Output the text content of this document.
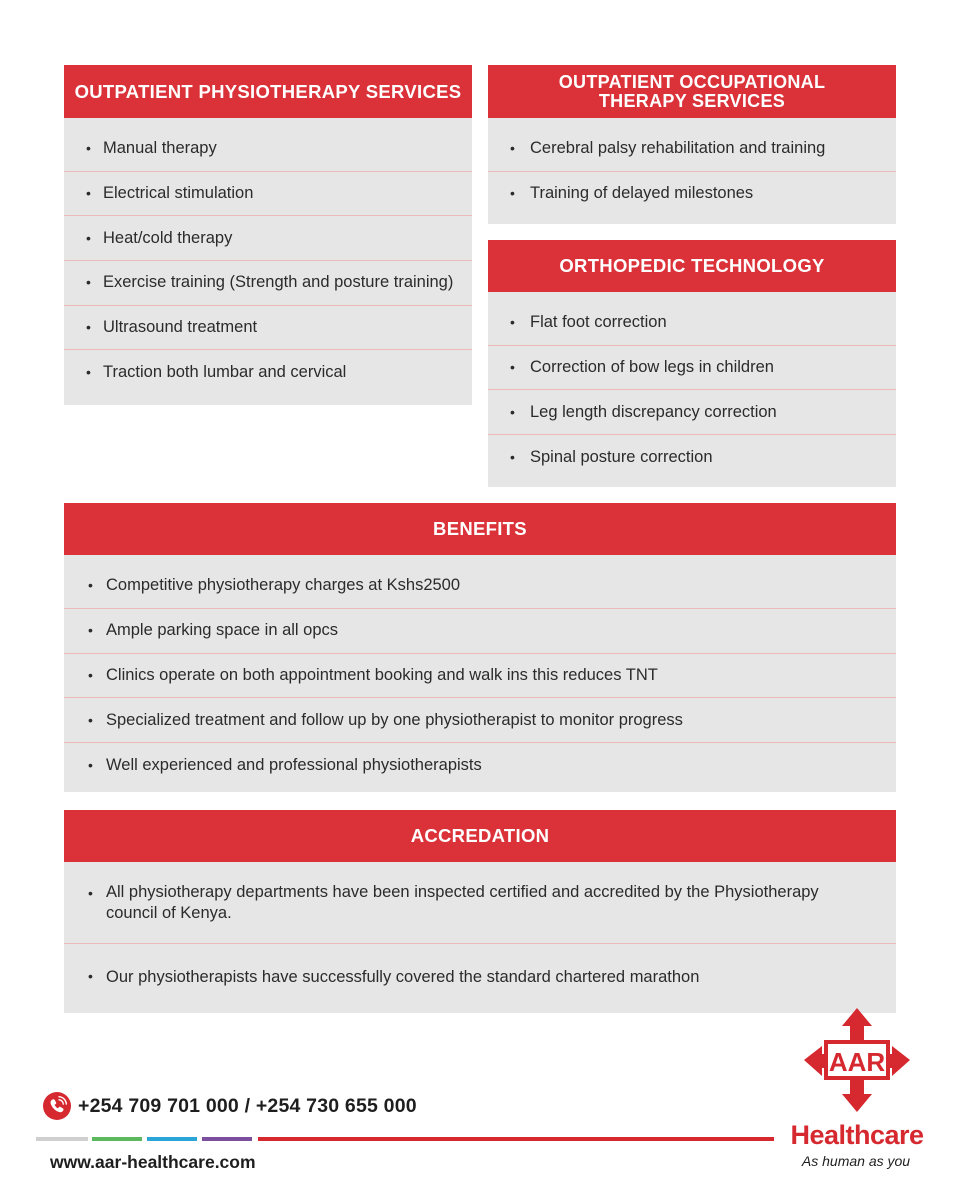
OUTPATIENT PHYSIOTHERAPY SERVICES
• Manual therapy
• Electrical stimulation
• Heat/cold therapy
• Exercise training (Strength and posture training)
• Ultrasound treatment
• Traction both lumbar and cervical
OUTPATIENT OCCUPATIONAL
THERAPY SERVICES
• Cerebral palsy rehabilitation and training
• Training of delayed milestones
ORTHOPEDIC TECHNOLOGY
• Flat foot correction
• Correction of bow legs in children
• Leg length discrepancy correction
• Spinal posture correction
BENEFITS
• Competitive physiotherapy charges at Kshs2500
• Ample parking space in all opcs
• Clinics operate on both appointment booking and walk ins this reduces TNT
• Specialized treatment and follow up by one physiotherapist to monitor progress
• Well experienced and professional physiotherapists
ACCREDATION
• All physiotherapy departments have been inspected certified and accredited by the Physiotherapy council of Kenya.
• Our physiotherapists have successfully covered the standard chartered marathon
+254 709 701 000 / +254 730 655 000
www.aar-healthcare.com
AAR
Healthcare
As human as you
